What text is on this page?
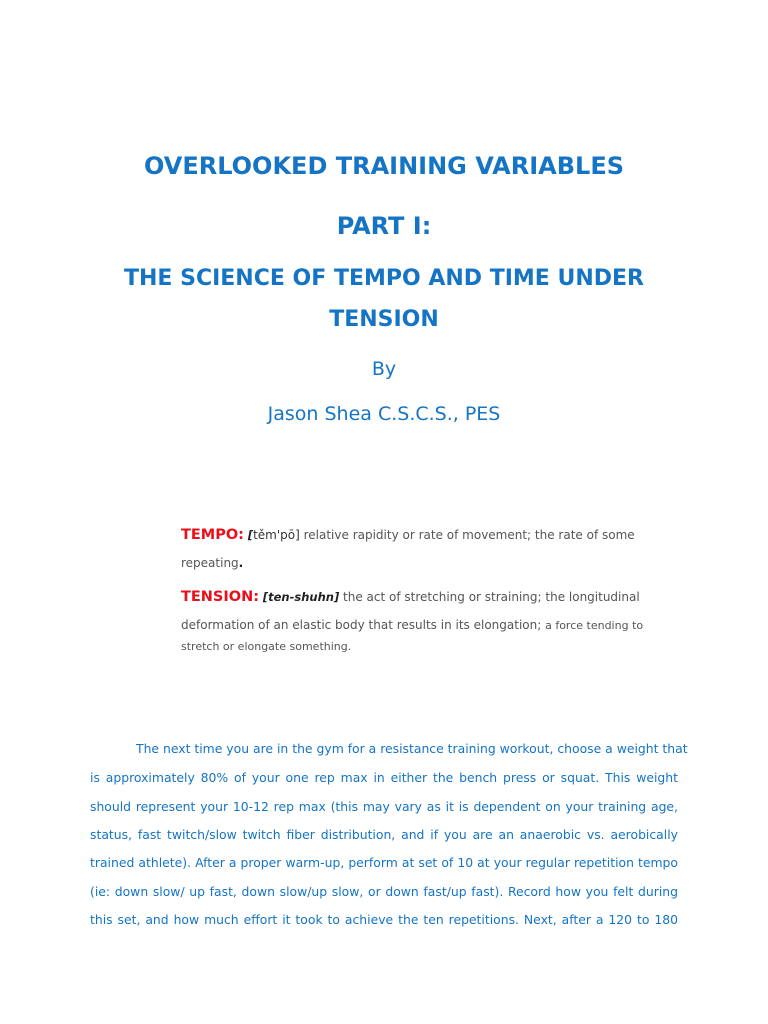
OVERLOOKED TRAINING VARIABLES
PART I:
THE SCIENCE OF TEMPO AND TIME UNDER
TENSION
By
Jason Shea C.S.C.S., PES
TEMPO: [těm'pō] relative rapidity or rate of movement; the rate of some
repeating.
TENSION: [ten-shuhn] the act of stretching or straining; the longitudinal
deformation of an elastic body that results in its elongation; a force tending to
stretch or elongate something.
The next time you are in the gym for a resistance training workout, choose a weight that
is approximately 80% of your one rep max in either the bench press or squat. This weight
should represent your 10-12 rep max (this may vary as it is dependent on your training age,
status, fast twitch/slow twitch fiber distribution, and if you are an anaerobic vs. aerobically
trained athlete). After a proper warm-up, perform at set of 10 at your regular repetition tempo
(ie: down slow/ up fast, down slow/up slow, or down fast/up fast). Record how you felt during
this set, and how much effort it took to achieve the ten repetitions. Next, after a 120 to 180
